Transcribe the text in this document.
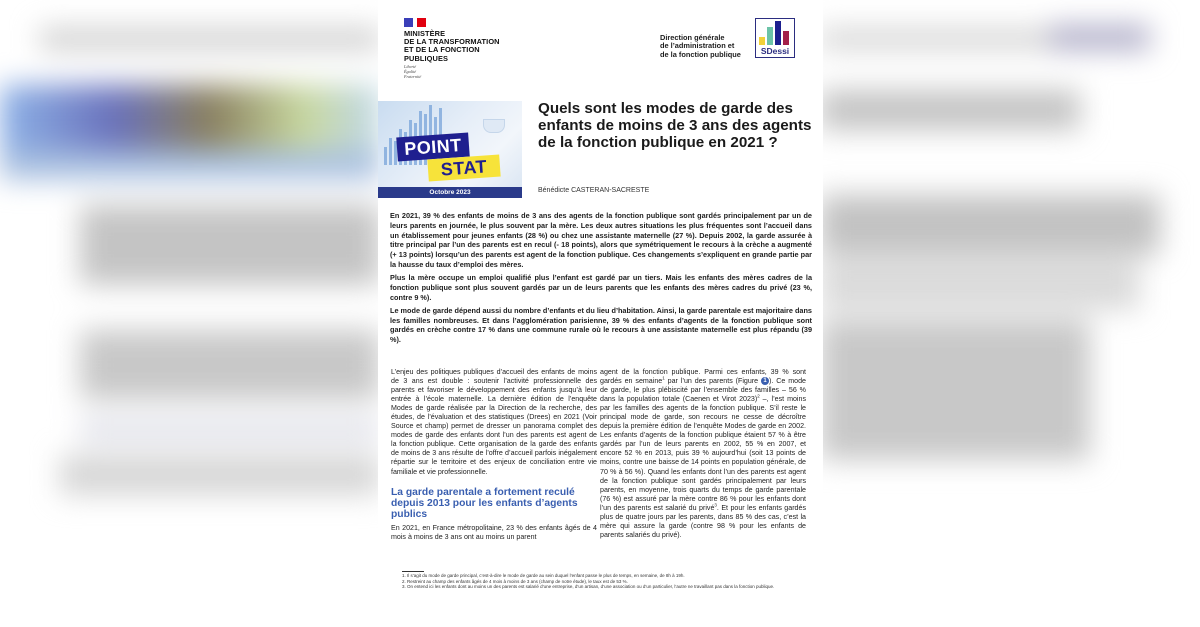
MINISTÈRE
DE LA TRANSFORMATION
ET DE LA FONCTION
PUBLIQUES
Liberté
Égalité
Fraternité
Direction générale
de l’administration et
de la fonction publique	SDessi
POINT
STAT
Octobre 2023
Quels sont les modes de garde des enfants de moins de 3 ans des agents de la fonction publique en 2021 ?
Bénédicte CASTERAN-SACRESTE

En 2021, 39 % des enfants de moins de 3 ans des agents de la fonction publique sont gardés principalement par un de leurs parents en journée, le plus souvent par la mère. Les deux autres situations les plus fréquentes sont l’accueil dans un établissement pour jeunes enfants (28 %) ou chez une assistante maternelle (27 %). Depuis 2002, la garde assurée à titre principal par l’un des parents est en recul (- 18 points), alors que symétriquement le recours à la crèche a augmenté (+ 13 points) lorsqu’un des parents est agent de la fonction publique. Ces changements s’expliquent en grande partie par la hausse du taux d’emploi des mères.

Plus la mère occupe un emploi qualifié plus l’enfant est gardé par un tiers. Mais les enfants des mères cadres de la fonction publique sont plus souvent gardés par un de leurs parents que les enfants des mères cadres du privé (23 %, contre 9 %).

Le mode de garde dépend aussi du nombre d’enfants et du lieu d’habitation. Ainsi, la garde parentale est majoritaire dans les familles nombreuses. Et dans l’agglomération parisienne, 39 % des enfants d’agents de la fonction publique sont gardés en crèche contre 17 % dans une commune rurale où le recours à une assistante maternelle est plus répandu (39 %).

L’enjeu des politiques publiques d’accueil des enfants de moins de 3 ans est double : soutenir l’activité professionnelle des parents et favoriser le développement des enfants jusqu’à leur entrée à l’école maternelle. La dernière édition de l’enquête Modes de garde réalisée par la Direction de la recherche, des études, de l’évaluation et des statistiques (Drees) en 2021 (Voir Source et champ) permet de dresser un panorama complet des modes de garde des enfants dont l’un des parents est agent de la fonction publique. Cette organisation de la garde des enfants de moins de 3 ans résulte de l’offre d’accueil parfois inégalement répartie sur le territoire et des enjeux de conciliation entre vie familiale et vie professionnelle.

La garde parentale a fortement reculé depuis 2013 pour les enfants d’agents publics

En 2021, en France métropolitaine, 23 % des enfants âgés de 4 mois à moins de 3 ans ont au moins un parent

agent de la fonction publique. Parmi ces enfants, 39 % sont gardés en semaine$^1$ par l’un des parents (Figure 1 ). Ce mode de garde, le plus plébiscité par l’ensemble des familles – 56 % dans la population totale (Caenen et Virot 2023)$^2$ –, l’est moins par les familles des agents de la fonction publique. S’il reste le principal mode de garde, son recours ne cesse de décroître depuis la première édition de l’enquête Modes de garde en 2002. Les enfants d’agents de la fonction publique étaient 57 % à être gardés par l’un de leurs parents en 2002, 55 % en 2007, et encore 52 % en 2013, puis 39 % aujourd’hui (soit 13 points de moins, contre une baisse de 14 points en population générale, de 70 % à 56 %). Quand les enfants dont l’un des parents est agent de la fonction publique sont gardés principalement par leurs parents, en moyenne, trois quarts du temps de garde parentale (76 %) est assuré par la mère contre 86 % pour les enfants dont l’un des parents est salarié du privé$^3$. Et pour les enfants gardés plus de quatre jours par les parents, dans 85 % des cas, c’est la mère qui assure la garde (contre 98 % pour les enfants de parents salariés du privé).

1. Il s’agit du mode de garde principal, c’est-à-dire le mode de garde au sein duquel l’enfant passe le plus de temps, en semaine, de 8h à 19h.
2. Restreint au champ des enfants âgés de 4 mois à moins de 3 ans (champ de notre étude), le taux est de 53 %.
3. On entend ici les enfants dont au moins un des parents est salarié d’une entreprise, d’un artisan, d’une association ou d’un particulier, l’autre ne travaillant pas dans la fonction publique.
